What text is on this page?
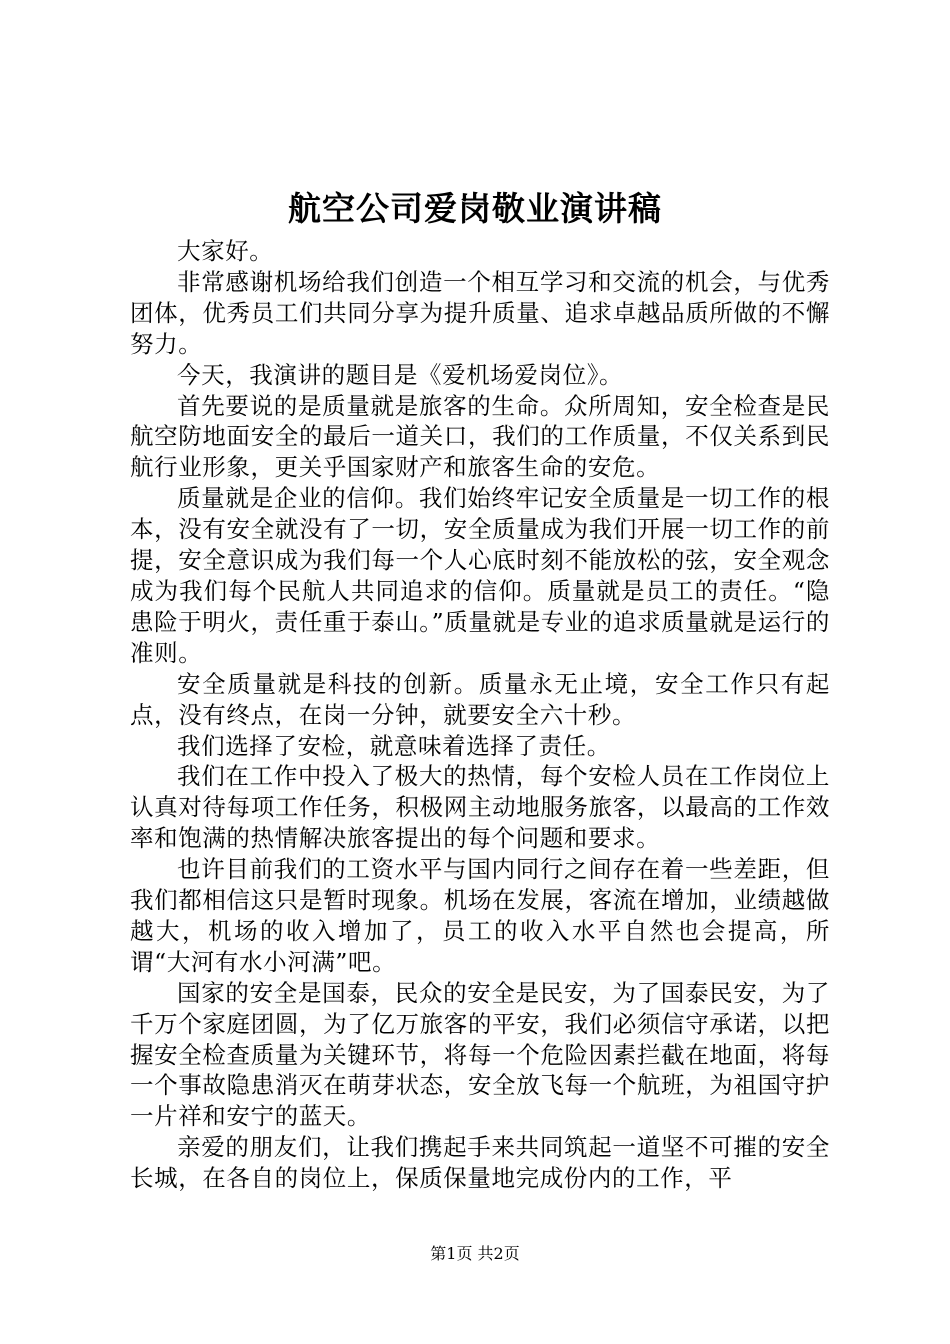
航空公司爱岗敬业演讲稿

大家好。

非常感谢机场给我们创造一个相互学习和交流的机会，与优秀团体，优秀员工们共同分享为提升质量、追求卓越品质所做的不懈努力。

今天，我演讲的题目是《爱机场爱岗位》。

首先要说的是质量就是旅客的生命。众所周知，安全检查是民航空防地面安全的最后一道关口，我们的工作质量，不仅关系到民航行业形象，更关乎国家财产和旅客生命的安危。

质量就是企业的信仰。我们始终牢记安全质量是一切工作的根本，没有安全就没有了一切，安全质量成为我们开展一切工作的前提，安全意识成为我们每一个人心底时刻不能放松的弦，安全观念成为我们每个民航人共同追求的信仰。质量就是员工的责任。“隐患险于明火，责任重于泰山。”质量就是专业的追求质量就是运行的准则。

安全质量就是科技的创新。质量永无止境，安全工作只有起点，没有终点，在岗一分钟，就要安全六十秒。

我们选择了安检，就意味着选择了责任。

我们在工作中投入了极大的热情，每个安检人员在工作岗位上认真对待每项工作任务，积极网主动地服务旅客，以最高的工作效率和饱满的热情解决旅客提出的每个问题和要求。

也许目前我们的工资水平与国内同行之间存在着一些差距，但我们都相信这只是暂时现象。机场在发展，客流在增加，业绩越做越大，机场的收入增加了，员工的收入水平自然也会提高，所谓“大河有水小河满”吧。

国家的安全是国泰，民众的安全是民安，为了国泰民安，为了千万个家庭团圆，为了亿万旅客的平安，我们必须信守承诺，以把握安全检查质量为关键环节，将每一个危险因素拦截在地面，将每一个事故隐患消灭在萌芽状态，安全放飞每一个航班，为祖国守护一片祥和安宁的蓝天。

亲爱的朋友们，让我们携起手来共同筑起一道坚不可摧的安全长城，在各自的岗位上，保质保量地完成份内的工作，平

第1页 共2页
